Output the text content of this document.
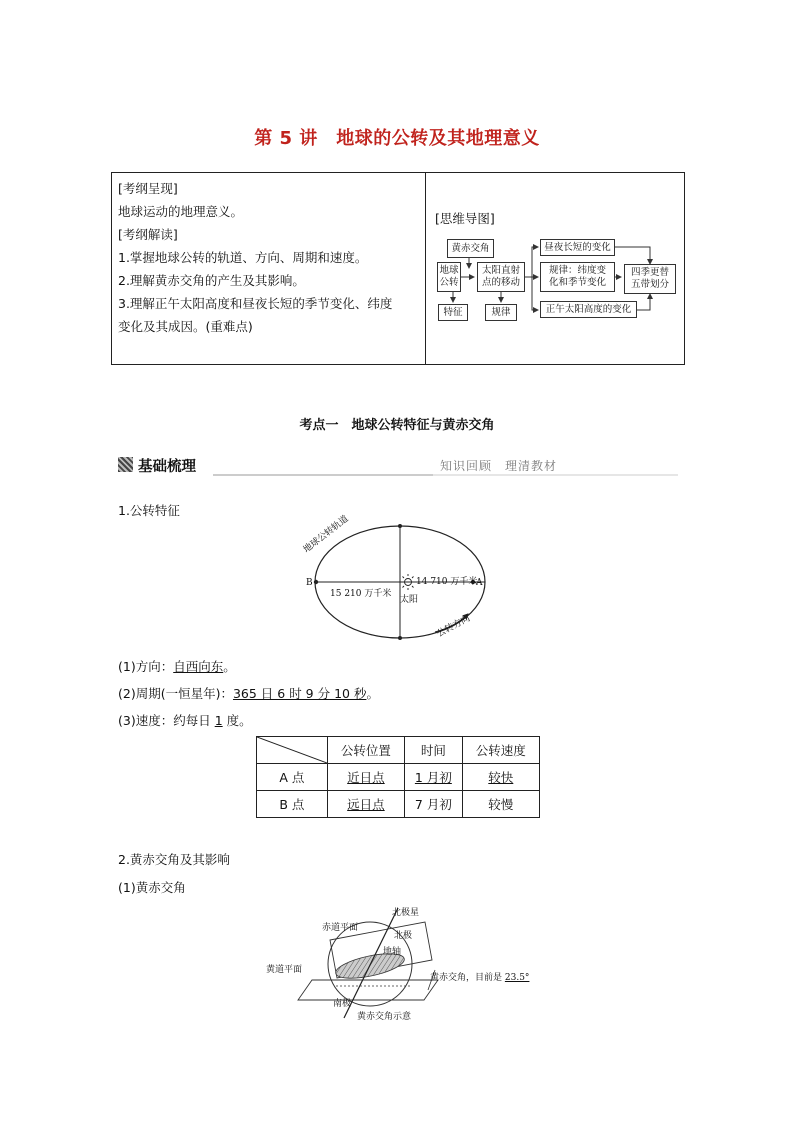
第 5 讲　地球的公转及其地理意义
[考纲呈现]
地球运动的地理意义。
[考纲解读]
1.掌握地球公转的轨道、方向、周期和速度。
2.理解黄赤交角的产生及其影响。
3.理解正午太阳高度和昼夜长短的季节变化、纬度
变化及其成因。(重难点)
[思维导图]
黄赤交角
地球
公转
太阳直射
点的移动
特征	规律
昼夜长短的变化
规律：纬度变
化和季节变化
正午太阳高度的变化
四季更替
五带划分
考点一　地球公转特征与黄赤交角
基础梳理	知识回顾　理清教材
1.公转特征
地球公转轨道
B	A
15 210 万千米
14 710 万千米
太阳
公转方向
(1)方向：自西向东。
(2)周期(一恒星年)：365 日 6 时 9 分 10 秒。
(3)速度：约每日 1 度。
	公转位置	时间	公转速度
A 点	近日点	1 月初	较快
B 点	远日点	7 月初	较慢
2.黄赤交角及其影响
(1)黄赤交角
北极星
赤道平面
北极
地轴
黄道平面
南极
黄赤交角，目前是 23.5°
黄赤交角示意
